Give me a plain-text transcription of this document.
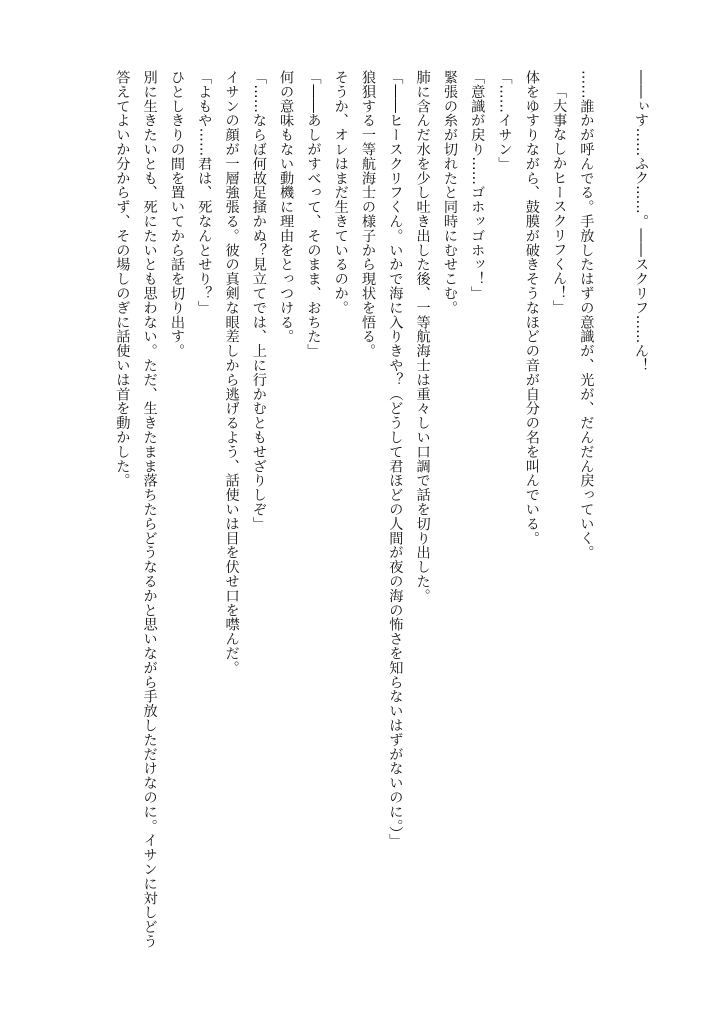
――ぃす……ふク……。――スクリフ……ん！
……誰かが呼んでる。手放したはずの意識が、光が、だんだん戻っていく。
「大事なしかヒースクリフくん！」
体をゆすりながら、鼓膜が破きそうなほどの音が自分の名を叫んでいる。
「……イサン」
「意識が戻り……ゴホッゴホッ！」
緊張の糸が切れたと同時にむせこむ。
肺に含んだ水を少し吐き出した後、一等航海士は重々しい口調で話を切り出した。
「――ヒースクリフくん。いかで海に入りきや？（どうして君ほどの人間が夜の海の怖さを知らないはずがないのに。）」
狼狽する一等航海士の様子から現状を悟る。
そうか、オレはまだ生きているのか。
「――あしがすべって、そのまま、おちた」
何の意味もない動機に理由をとっつける。
「……ならば何故足掻かぬ？見立てでは、上に行かむともせざりしぞ」
イサンの顔が一層強張る。彼の真剣な眼差しから逃げるよう、話使いは目を伏せ口を噤んだ。
「よもや……君は、死なんとせり？」
ひとしきりの間を置いてから話を切り出す。
別に生きたいとも、死にたいとも思わない。ただ、生きたまま落ちたらどうなるかと思いながら手放しただけなのに。イサンに対しどう答えてよいか分からず、その場しのぎに話使いは首を動かした。
